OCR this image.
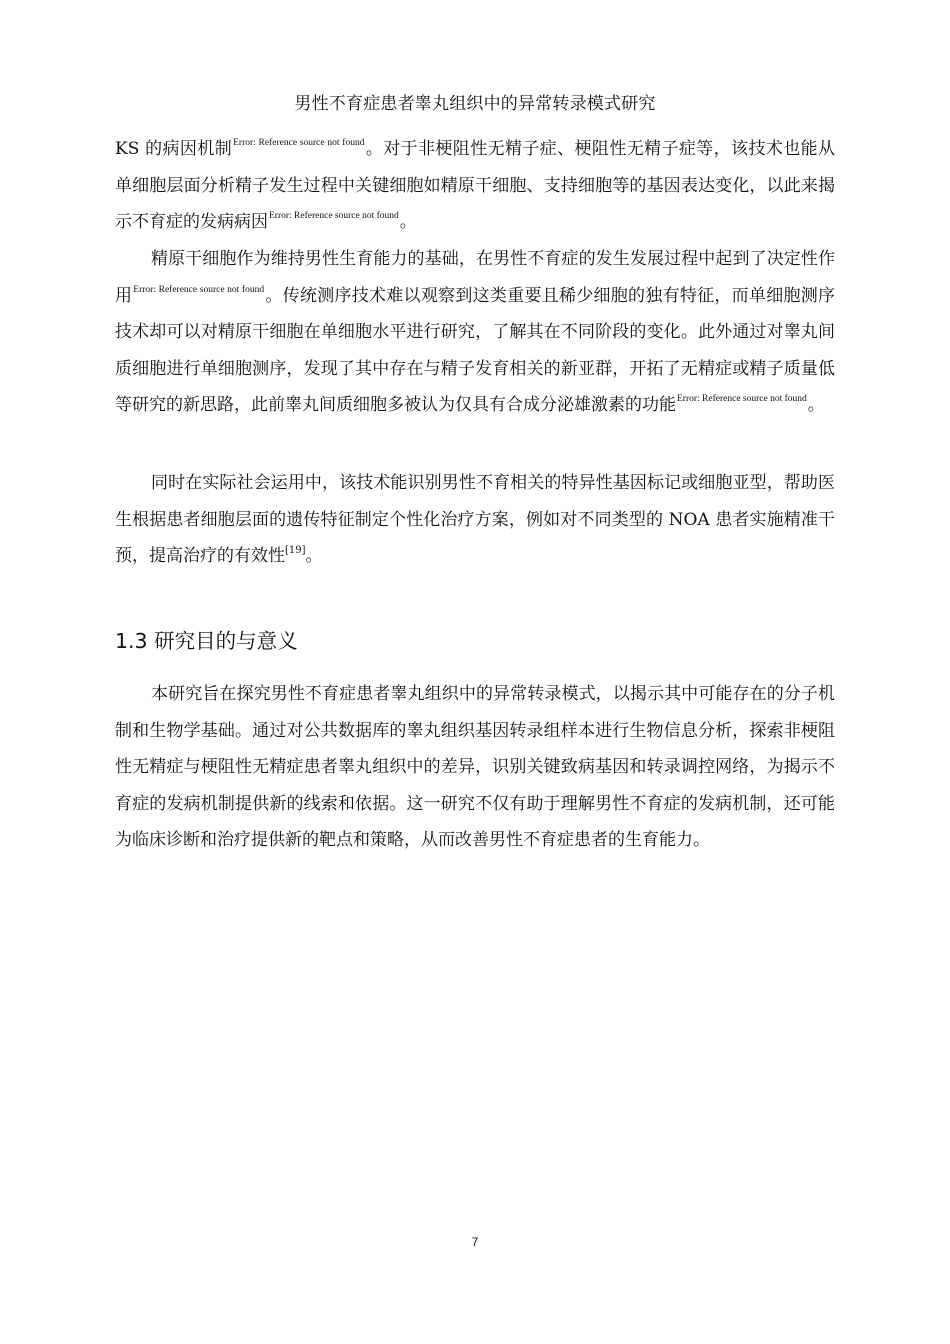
男性不育症患者睾丸组织中的异常转录模式研究

KS 的病因机制$^{Error: Reference source not found}$。对于非梗阻性无精子症、梗阻性无精子症等，该技术也能从单细胞层面分析精子发生过程中关键细胞如精原干细胞、支持细胞等的基因表达变化，以此来揭示不育症的发病病因$^{Error: Reference source not found}$。

精原干细胞作为维持男性生育能力的基础，在男性不育症的发生发展过程中起到了决定性作用$^{Error: Reference source not found}$。传统测序技术难以观察到这类重要且稀少细胞的独有特征，而单细胞测序技术却可以对精原干细胞在单细胞水平进行研究，了解其在不同阶段的变化。此外通过对睾丸间质细胞进行单细胞测序，发现了其中存在与精子发育相关的新亚群，开拓了无精症或精子质量低等研究的新思路，此前睾丸间质细胞多被认为仅具有合成分泌雄激素的功能$^{Error: Reference source not found}$。

同时在实际社会运用中，该技术能识别男性不育相关的特异性基因标记或细胞亚型，帮助医生根据患者细胞层面的遗传特征制定个性化治疗方案，例如对不同类型的 NOA 患者实施精准干预，提高治疗的有效性[19]。

1.3 研究目的与意义

本研究旨在探究男性不育症患者睾丸组织中的异常转录模式，以揭示其中可能存在的分子机制和生物学基础。通过对公共数据库的睾丸组织基因转录组样本进行生物信息分析，探索非梗阻性无精症与梗阻性无精症患者睾丸组织中的差异，识别关键致病基因和转录调控网络，为揭示不育症的发病机制提供新的线索和依据。这一研究不仅有助于理解男性不育症的发病机制，还可能为临床诊断和治疗提供新的靶点和策略，从而改善男性不育症患者的生育能力。

7
